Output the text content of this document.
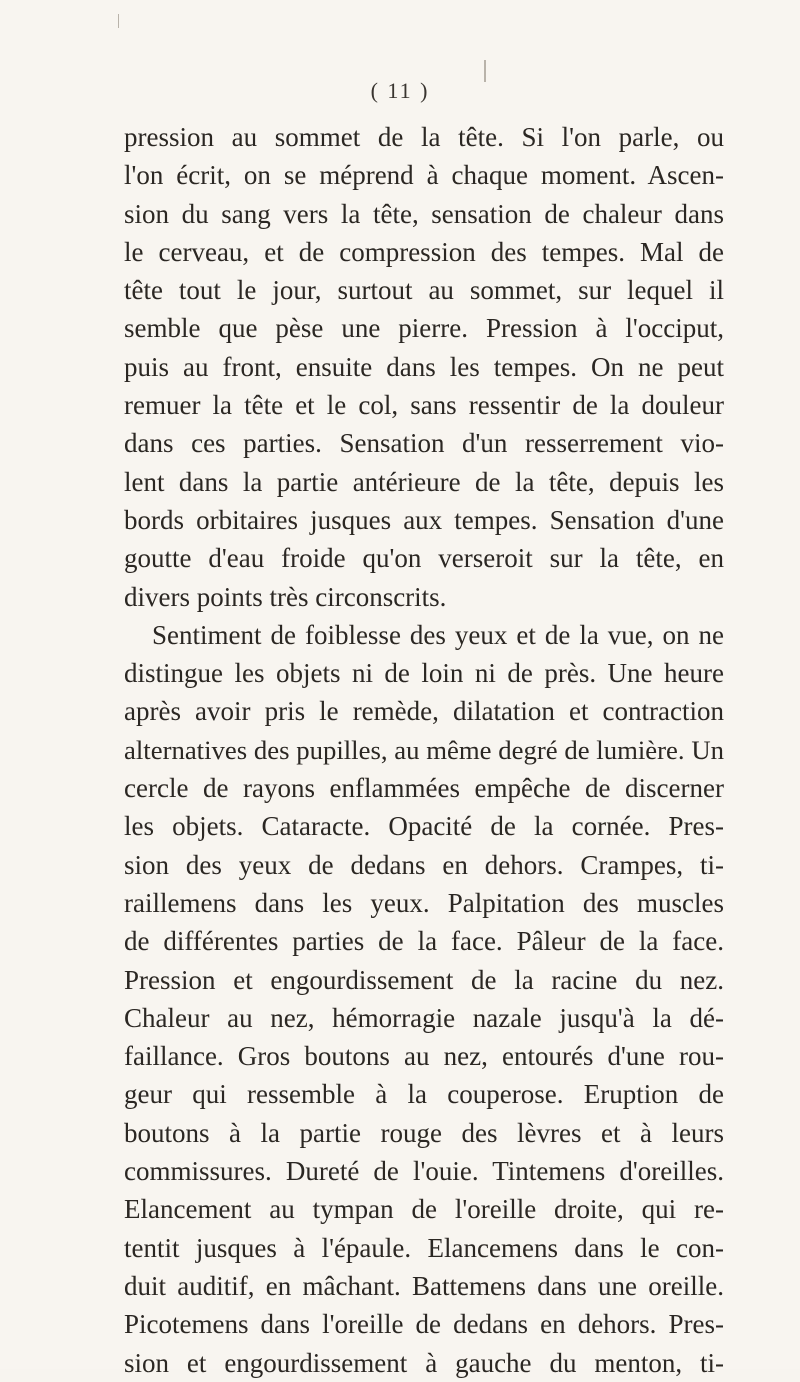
( 11 )
pression au sommet de la tête. Si l'on parle, ou
l'on écrit, on se méprend à chaque moment. Ascen-
sion du sang vers la tête, sensation de chaleur dans
le cerveau, et de compression des tempes. Mal de
tête tout le jour, surtout au sommet, sur lequel il
semble que pèse une pierre. Pression à l'occiput,
puis au front, ensuite dans les tempes. On ne peut
remuer la tête et le col, sans ressentir de la douleur
dans ces parties. Sensation d'un resserrement vio-
lent dans la partie antérieure de la tête, depuis les
bords orbitaires jusques aux tempes. Sensation d'une
goutte d'eau froide qu'on verseroit sur la tête, en
divers points très circonscrits.
Sentiment de foiblesse des yeux et de la vue, on ne
distingue les objets ni de loin ni de près. Une heure
après avoir pris le remède, dilatation et contraction
alternatives des pupilles, au même degré de lumière. Un
cercle de rayons enflammées empêche de discerner
les objets. Cataracte. Opacité de la cornée. Pres-
sion des yeux de dedans en dehors. Crampes, ti-
raillemens dans les yeux. Palpitation des muscles
de différentes parties de la face. Pâleur de la face.
Pression et engourdissement de la racine du nez.
Chaleur au nez, hémorragie nazale jusqu'à la dé-
faillance. Gros boutons au nez, entourés d'une rou-
geur qui ressemble à la couperose. Eruption de
boutons à la partie rouge des lèvres et à leurs
commissures. Dureté de l'ouie. Tintemens d'oreilles.
Elancement au tympan de l'oreille droite, qui re-
tentit jusques à l'épaule. Elancemens dans le con-
duit auditif, en mâchant. Battemens dans une oreille.
Picotemens dans l'oreille de dedans en dehors. Pres-
sion et engourdissement à gauche du menton, ti-
